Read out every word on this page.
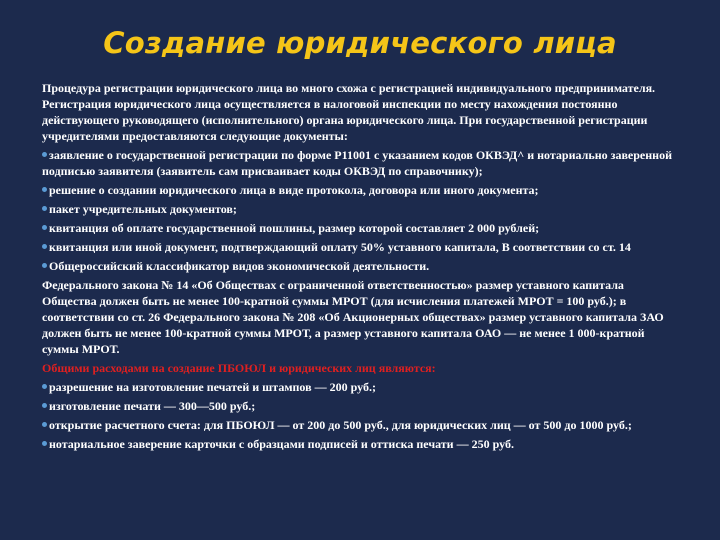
Создание юридического лица

Процедура регистрации юридического лица во много схожа с регистрацией индивидуального предпринимателя. Регистрация юридического лица осуществляется в налоговой инспекции по месту нахождения постоянно действующего руководящего (исполнительного) органа юридического лица. При государственной регистрации учредителями предоставляются следующие документы:

заявление о государственной регистрации по форме Р11001 с указанием кодов ОКВЭД^ и нотариально заверенной подписью заявителя (заявитель сам присваивает коды ОКВЭД по справочнику);
решение о создании юридического лица в виде протокола, договора или иного документа;
пакет учредительных документов;
квитанция об оплате государственной пошлины, размер которой составляет 2 000 рублей;
квитанция или иной документ, подтверждающий оплату 50% уставного капитала, В соответствии со ст. 14
Общероссийский классификатор видов экономической деятельности.

Федерального закона № 14 «Об Обществах с ограниченной ответственностью» размер уставного капитала Общества должен быть не менее 100-кратной суммы МРОТ (для исчисления платежей МРОТ = 100 руб.); в соответствии со ст. 26 Федерального закона № 208 «Об Акционерных обществах» размер уставного капитала ЗАО должен быть не менее 100-кратной суммы МРОТ, а размер уставного капитала ОАО — не менее 1 000-кратной суммы МРОТ.

Общими расходами на создание ПБОЮЛ и юридических лиц являются:

разрешение на изготовление печатей и штампов — 200 руб.;
изготовление печати — 300—500 руб.;
открытие расчетного счета: для ПБОЮЛ — от 200 до 500 руб., для юридических лиц — от 500 до 1000 руб.;
нотариальное заверение карточки с образцами подписей и оттиска печати — 250 руб.
